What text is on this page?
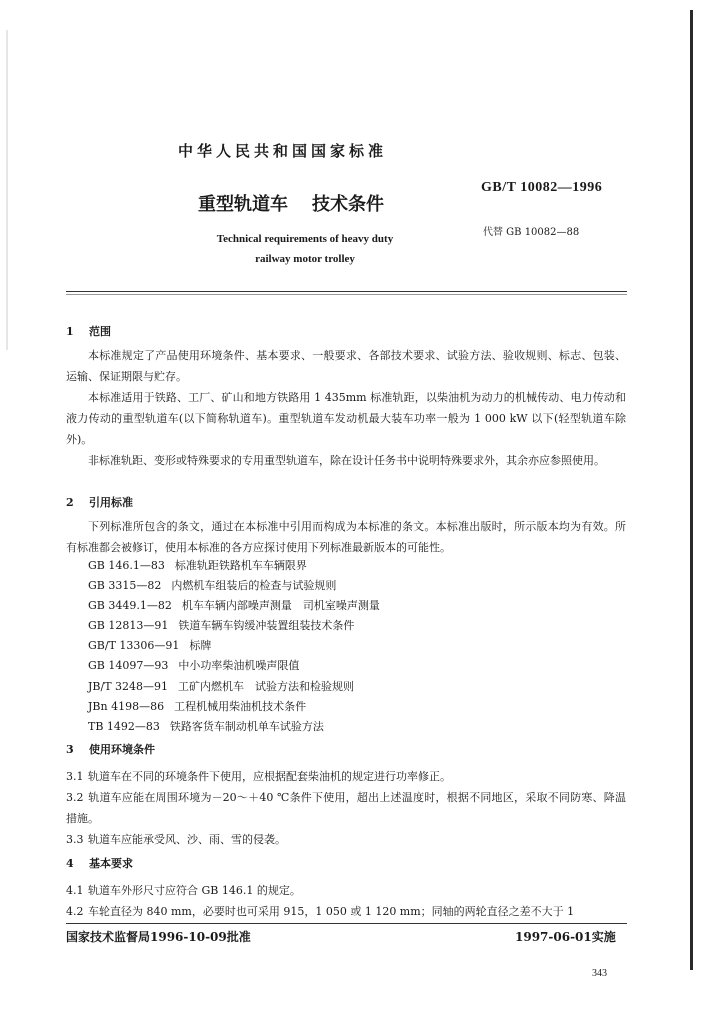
中华人民共和国国家标准
GB/T 10082—1996
重型轨道车 技术条件
代替 GB 10082—88
Technical requirements of heavy duty
railway motor trolley
1 范围

本标准规定了产品使用环境条件、基本要求、一般要求、各部技术要求、试验方法、验收规则、标志、包装、运输、保证期限与贮存。

本标准适用于铁路、工厂、矿山和地方铁路用 1 435mm 标准轨距，以柴油机为动力的机械传动、电力传动和液力传动的重型轨道车(以下简称轨道车)。重型轨道车发动机最大装车功率一般为 1 000 kW 以下(轻型轨道车除外)。

非标准轨距、变形或特殊要求的专用重型轨道车，除在设计任务书中说明特殊要求外，其余亦应参照使用。

2 引用标准

下列标准所包含的条文，通过在本标准中引用而构成为本标准的条文。本标准出版时，所示版本均为有效。所有标准都会被修订，使用本标准的各方应探讨使用下列标准最新版本的可能性。

GB 146.1—83 标准轨距铁路机车车辆限界
GB 3315—82 内燃机车组装后的检查与试验规则
GB 3449.1—82 机车车辆内部噪声测量　司机室噪声测量
GB 12813—91 铁道车辆车钩缓冲装置组装技术条件
GB/T 13306—91 标牌
GB 14097—93 中小功率柴油机噪声限值
JB/T 3248—91 工矿内燃机车　试验方法和检验规则
JBn 4198—86 工程机械用柴油机技术条件
TB 1492—83 铁路客货车制动机单车试验方法
3 使用环境条件

3.1 轨道车在不同的环境条件下使用，应根据配套柴油机的规定进行功率修正。

3.2 轨道车应能在周围环境为－20～＋40 ℃条件下使用，超出上述温度时，根据不同地区，采取不同防寒、降温措施。

3.3 轨道车应能承受风、沙、雨、雪的侵袭。

4 基本要求

4.1 轨道车外形尺寸应符合 GB 146.1 的规定。

4.2 车轮直径为 840 mm，必要时也可采用 915，1 050 或 1 120 mm；同轴的两轮直径之差不大于 1

国家技术监督局1996-10-09批准	1997-06-01实施
343
